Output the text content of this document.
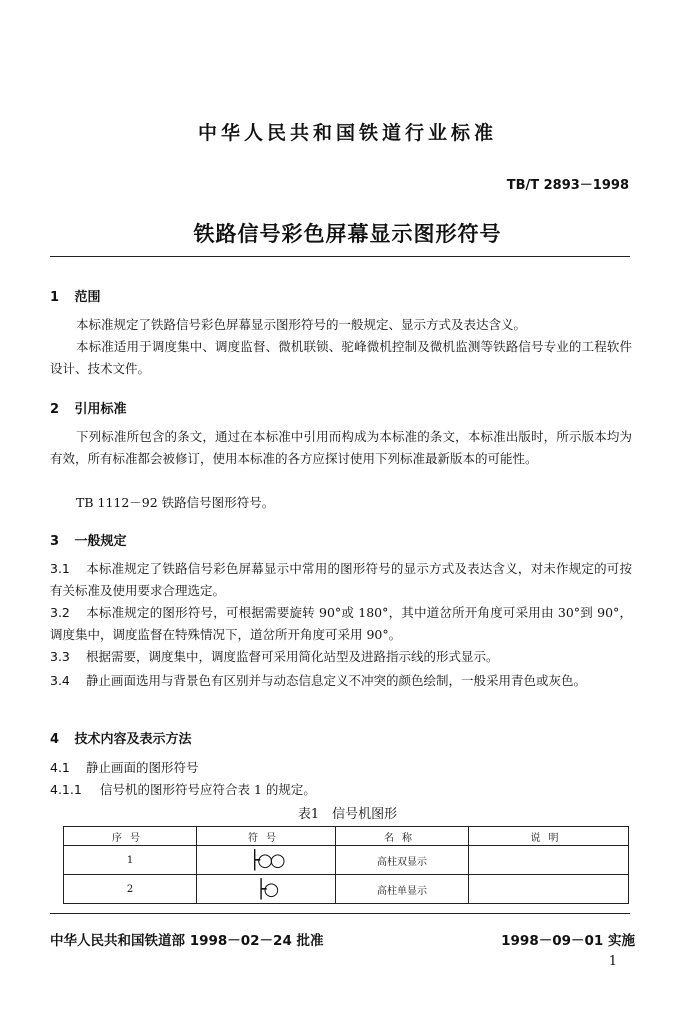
中华人民共和国铁道行业标准
TB/T 2893－1998
铁路信号彩色屏幕显示图形符号
1 范围
本标准规定了铁路信号彩色屏幕显示图形符号的一般规定、显示方式及表达含义。
本标准适用于调度集中、调度监督、微机联锁、驼峰微机控制及微机监测等铁路信号专业的工程软件设计、技术文件。
2 引用标准
下列标准所包含的条文，通过在本标准中引用而构成为本标准的条文，本标准出版时，所示版本均为有效，所有标准都会被修订，使用本标准的各方应探讨使用下列标准最新版本的可能性。
TB 1112－92 铁路信号图形符号。
3 一般规定
3.1 本标准规定了铁路信号彩色屏幕显示中常用的图形符号的显示方式及表达含义，对未作规定的可按有关标准及使用要求合理选定。
3.2 本标准规定的图形符号，可根据需要旋转 90°或 180°，其中道岔所开角度可采用由 30°到 90°，调度集中，调度监督在特殊情况下，道岔所开角度可采用 90°。
3.3 根据需要，调度集中，调度监督可采用简化站型及进路指示线的形式显示。
3.4 静止画面选用与背景色有区别并与动态信息定义不冲突的颜色绘制，一般采用青色或灰色。
4 技术内容及表示方法
4.1 静止画面的图形符号
4.1.1 信号机的图形符号应符合表 1 的规定。
表1　信号机图形
序号	符号	名称	说明
1	├○○	高柱双显示	
2	├○	高柱单显示	
中华人民共和国铁道部 1998－02－24 批准	1998－09－01 实施
1
